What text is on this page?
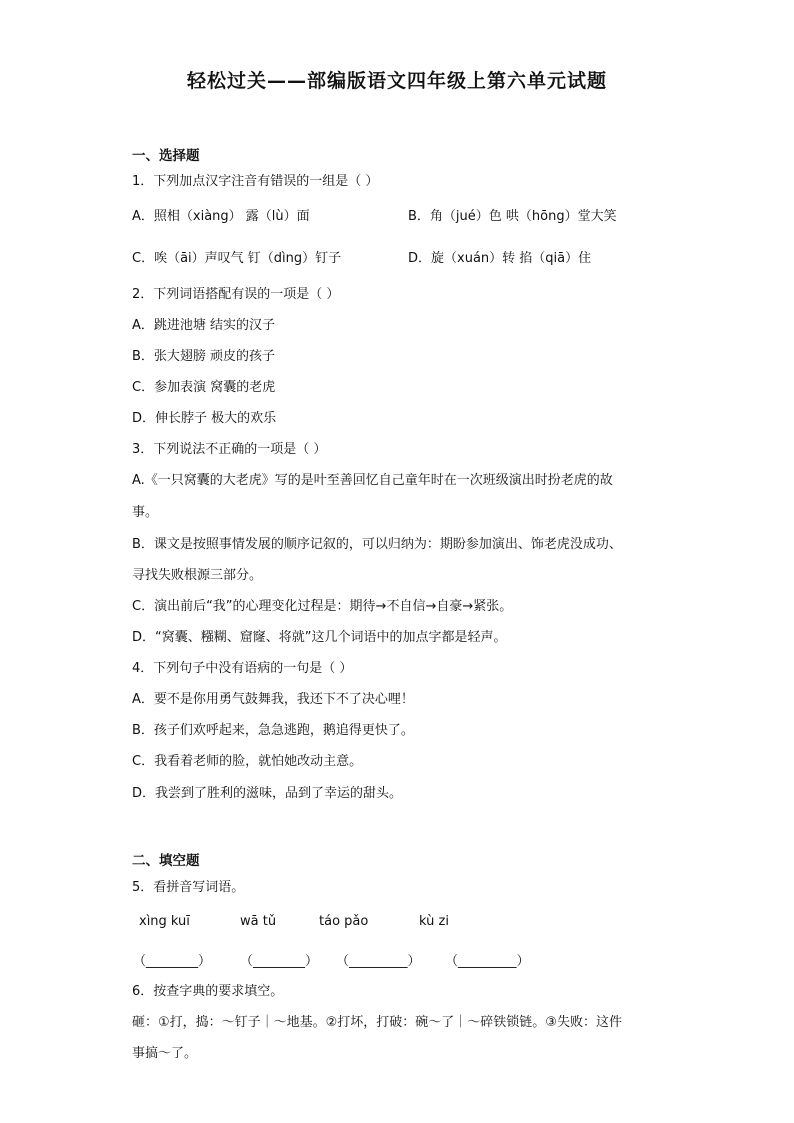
轻松过关——部编版语文四年级上第六单元试题
一、选择题
1．下列加点汉字注音有错误的一组是（ ）
A．照相（xiàng） 露（lù）面	B．角（jué）色 哄（hōng）堂大笑
C．唉（āi）声叹气 钉（dìng）钉子	D．旋（xuán）转 掐（qiā）住
2．下列词语搭配有误的一项是（ ）
A．跳进池塘 结实的汉子
B．张大翅膀 顽皮的孩子
C．参加表演 窝囊的老虎
D．伸长脖子 极大的欢乐
3．下列说法不正确的一项是（ ）
A.《一只窝囊的大老虎》写的是叶至善回忆自己童年时在一次班级演出时扮老虎的故
事。
B．课文是按照事情发展的顺序记叙的，可以归纳为：期盼参加演出、饰老虎没成功、
寻找失败根源三部分。
C．演出前后“我”的心理变化过程是：期待→不自信→自豪→紧张。
D．“窝囊、糨糊、窟窿、将就”这几个词语中的加点字都是轻声。
4．下列句子中没有语病的一句是（ ）
A．要不是你用勇气鼓舞我，我还下不了决心哩！
B．孩子们欢呼起来，急急逃跑，鹅追得更快了。
C．我看着老师的脸，就怕她改动主意。
D．我尝到了胜利的滋味，品到了幸运的甜头。
二、填空题
5．看拼音写词语。
xìng kuī	wā tǔ	táo pǎo	kù zi
（________） （________） （_________） （_________）
6．按查字典的要求填空。
砸：①打，捣：～钉子｜～地基。②打坏，打破：碗～了｜～碎铁锁链。③失败：这件
事搞～了。
